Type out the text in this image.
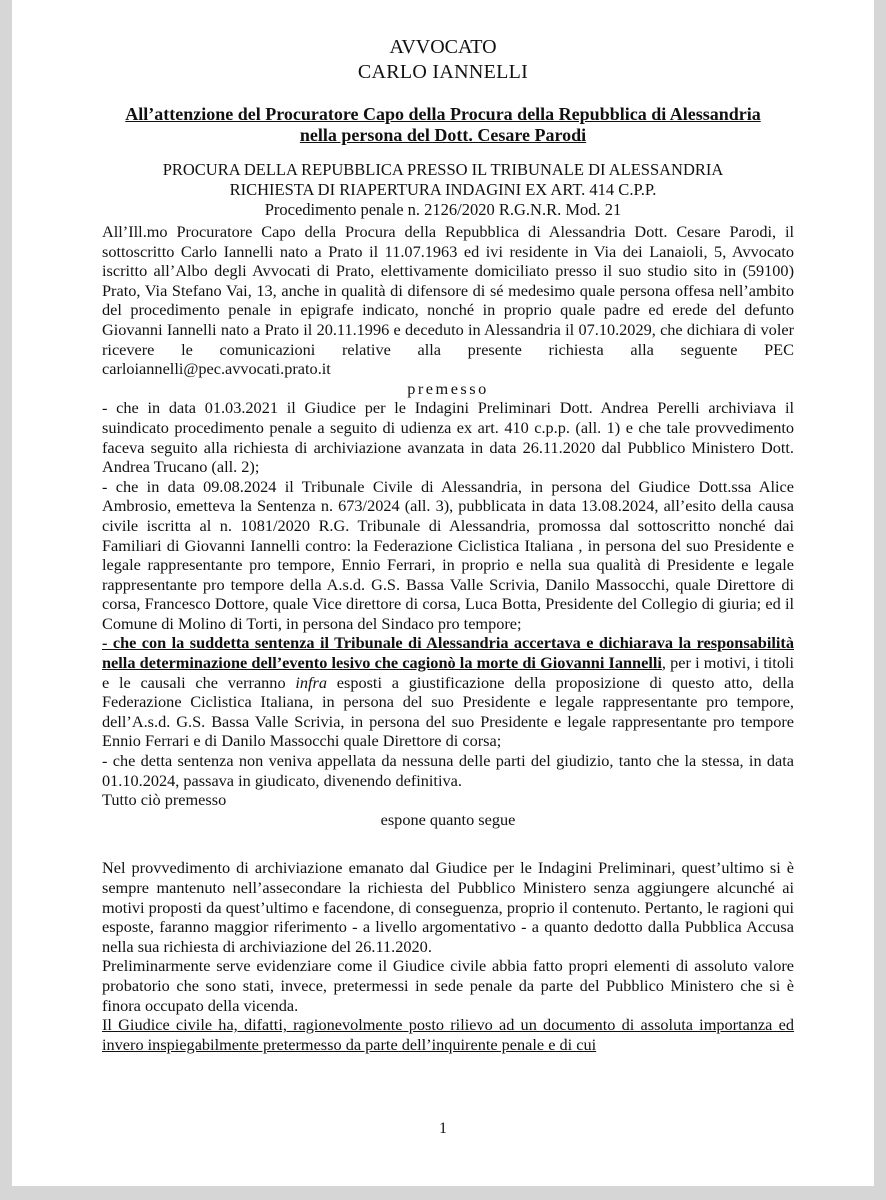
AVVOCATO
CARLO IANNELLI
All’attenzione del Procuratore Capo della Procura della Repubblica di Alessandria nella persona del Dott. Cesare Parodi
PROCURA DELLA REPUBBLICA PRESSO IL TRIBUNALE DI ALESSANDRIA
RICHIESTA DI RIAPERTURA INDAGINI EX ART. 414 C.P.P.
Procedimento penale n. 2126/2020 R.G.N.R. Mod. 21

All’Ill.mo Procuratore Capo della Procura della Repubblica di Alessandria Dott. Cesare Parodi, il sottoscritto Carlo Iannelli nato a Prato il 11.07.1963 ed ivi residente in Via dei Lanaioli, 5, Avvocato iscritto all’Albo degli Avvocati di Prato, elettivamente domiciliato presso il suo studio sito in (59100) Prato, Via Stefano Vai, 13, anche in qualità di difensore di sé medesimo quale persona offesa nell’ambito del procedimento penale in epigrafe indicato, nonché in proprio quale padre ed erede del defunto Giovanni Iannelli nato a Prato il 20.11.1996 e deceduto in Alessandria il 07.10.2029, che dichiara di voler ricevere le comunicazioni relative alla presente richiesta alla seguente PEC carloiannelli@pec.avvocati.prato.it

premesso

- che in data 01.03.2021 il Giudice per le Indagini Preliminari Dott. Andrea Perelli archiviava il suindicato procedimento penale a seguito di udienza ex art. 410 c.p.p. (all. 1) e che tale provvedimento faceva seguito alla richiesta di archiviazione avanzata in data 26.11.2020 dal Pubblico Ministero Dott. Andrea Trucano (all. 2);

- che in data 09.08.2024 il Tribunale Civile di Alessandria, in persona del Giudice Dott.ssa Alice Ambrosio, emetteva la Sentenza n. 673/2024 (all. 3), pubblicata in data 13.08.2024, all’esito della causa civile iscritta al n. 1081/2020 R.G. Tribunale di Alessandria, promossa dal sottoscritto nonché dai Familiari di Giovanni Iannelli contro: la Federazione Ciclistica Italiana , in persona del suo Presidente e legale rappresentante pro tempore, Ennio Ferrari, in proprio e nella sua qualità di Presidente e legale rappresentante pro tempore della A.s.d. G.S. Bassa Valle Scrivia, Danilo Massocchi, quale Direttore di corsa, Francesco Dottore, quale Vice direttore di corsa, Luca Botta, Presidente del Collegio di giuria; ed il Comune di Molino di Torti, in persona del Sindaco pro tempore;

- che con la suddetta sentenza il Tribunale di Alessandria accertava e dichiarava la responsabilità nella determinazione dell’evento lesivo che cagionò la morte di Giovanni Iannelli, per i motivi, i titoli e le causali che verranno infra esposti a giustificazione della proposizione di questo atto, della Federazione Ciclistica Italiana, in persona del suo Presidente e legale rappresentante pro tempore, dell’A.s.d. G.S. Bassa Valle Scrivia, in persona del suo Presidente e legale rappresentante pro tempore Ennio Ferrari e di Danilo Massocchi quale Direttore di corsa;

- che detta sentenza non veniva appellata da nessuna delle parti del giudizio, tanto che la stessa, in data 01.10.2024, passava in giudicato, divenendo definitiva.

Tutto ciò premesso

espone quanto segue

Nel provvedimento di archiviazione emanato dal Giudice per le Indagini Preliminari, quest’ultimo si è sempre mantenuto nell’assecondare la richiesta del Pubblico Ministero senza aggiungere alcunché ai motivi proposti da quest’ultimo e facendone, di conseguenza, proprio il contenuto. Pertanto, le ragioni qui esposte, faranno maggior riferimento - a livello argomentativo - a quanto dedotto dalla Pubblica Accusa nella sua richiesta di archiviazione del 26.11.2020.

Preliminarmente serve evidenziare come il Giudice civile abbia fatto propri elementi di assoluto valore probatorio che sono stati, invece, pretermessi in sede penale da parte del Pubblico Ministero che si è finora occupato della vicenda.

Il Giudice civile ha, difatti, ragionevolmente posto rilievo ad un documento di assoluta importanza ed invero inspiegabilmente pretermesso da parte dell’inquirente penale e di cui

1
